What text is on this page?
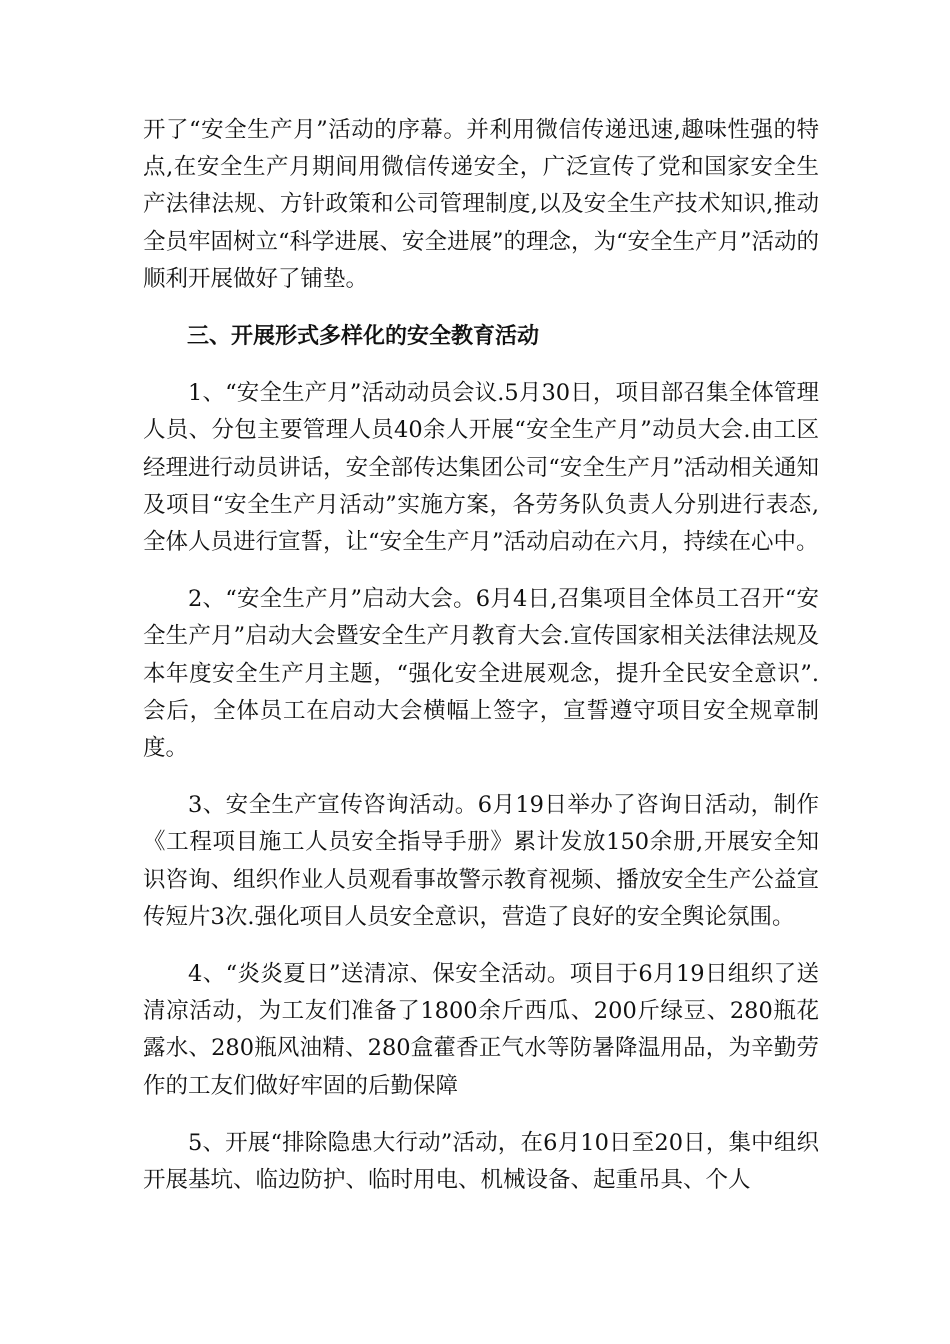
开了“安全生产月”活动的序幕。并利用微信传递迅速,趣味性强的特点,在安全生产月期间用微信传递安全，广泛宣传了党和国家安全生产法律法规、方针政策和公司管理制度,以及安全生产技术知识,推动全员牢固树立“科学进展、安全进展”的理念，为“安全生产月”活动的顺利开展做好了铺垫。

三、开展形式多样化的安全教育活动

1、“安全生产月”活动动员会议.5月30日，项目部召集全体管理人员、分包主要管理人员40余人开展“安全生产月”动员大会.由工区经理进行动员讲话，安全部传达集团公司“安全生产月”活动相关通知及项目“安全生产月活动”实施方案，各劳务队负责人分别进行表态,全体人员进行宣誓，让“安全生产月”活动启动在六月，持续在心中。

2、“安全生产月”启动大会。6月4日,召集项目全体员工召开“安全生产月”启动大会暨安全生产月教育大会.宣传国家相关法律法规及本年度安全生产月主题，“强化安全进展观念，提升全民安全意识”.会后，全体员工在启动大会横幅上签字，宣誓遵守项目安全规章制度。

3、安全生产宣传咨询活动。6月19日举办了咨询日活动，制作《工程项目施工人员安全指导手册》累计发放150余册,开展安全知识咨询、组织作业人员观看事故警示教育视频、播放安全生产公益宣传短片3次.强化项目人员安全意识，营造了良好的安全舆论氛围。

4、“炎炎夏日”送清凉、保安全活动。项目于6月19日组织了送清凉活动，为工友们准备了1800余斤西瓜、200斤绿豆、280瓶花露水、280瓶风油精、280盒藿香正气水等防暑降温用品，为辛勤劳作的工友们做好牢固的后勤保障

5、开展“排除隐患大行动”活动，在6月10日至20日，集中组织开展基坑、临边防护、临时用电、机械设备、起重吊具、个人
